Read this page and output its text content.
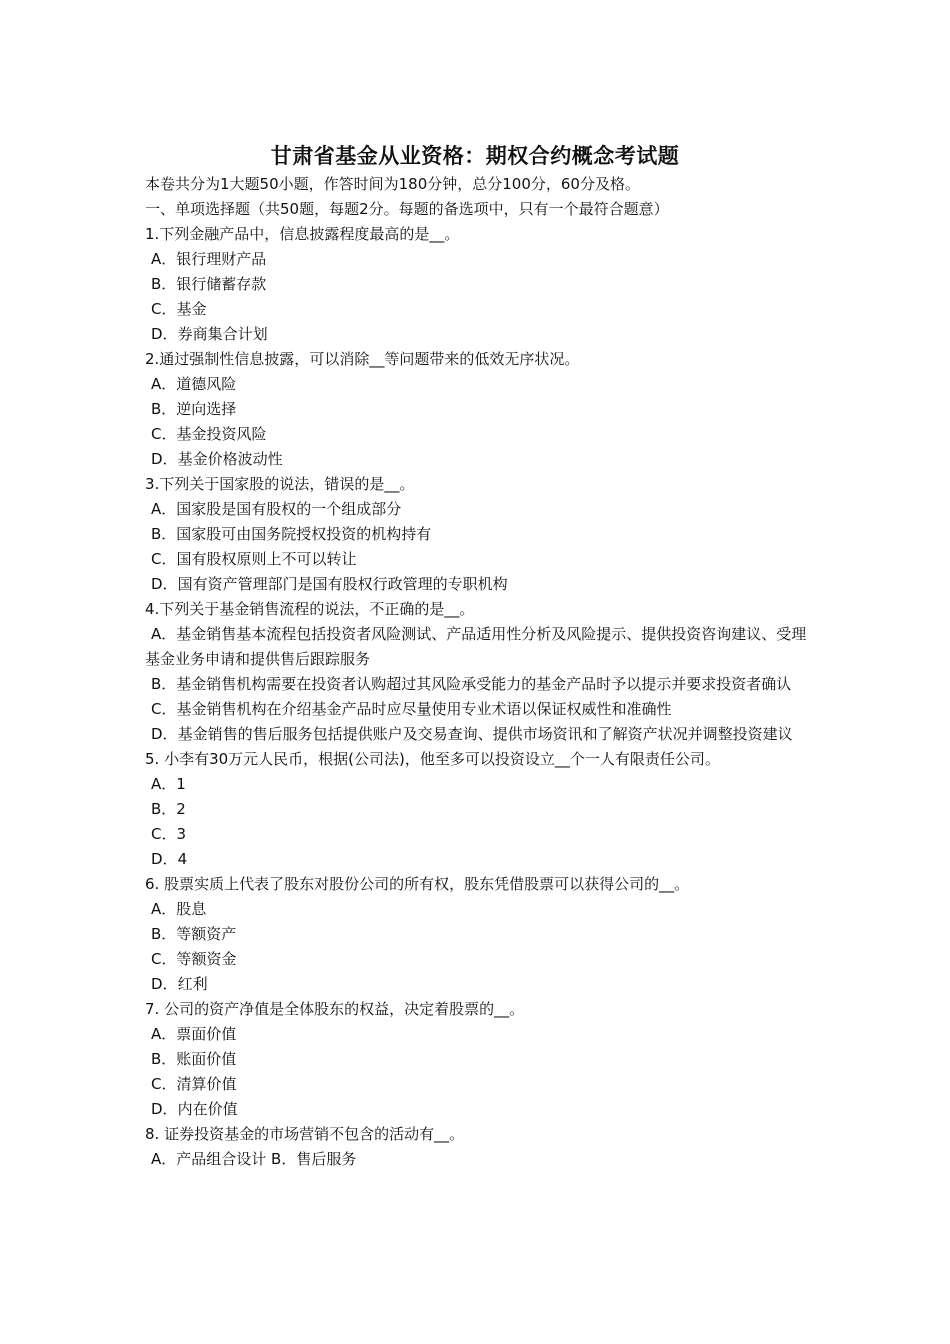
甘肃省基金从业资格：期权合约概念考试题
本卷共分为1大题50小题，作答时间为180分钟，总分100分，60分及格。
一、单项选择题（共50题，每题2分。每题的备选项中，只有一个最符合题意）
1.下列金融产品中，信息披露程度最高的是__。
A．银行理财产品
B．银行储蓄存款
C．基金
D．券商集合计划
2.通过强制性信息披露，可以消除__等问题带来的低效无序状况。
A．道德风险
B．逆向选择
C．基金投资风险
D．基金价格波动性
3.下列关于国家股的说法，错误的是__。
A．国家股是国有股权的一个组成部分
B．国家股可由国务院授权投资的机构持有
C．国有股权原则上不可以转让
D．国有资产管理部门是国有股权行政管理的专职机构
4.下列关于基金销售流程的说法，不正确的是__。
A．基金销售基本流程包括投资者风险测试、产品适用性分析及风险提示、提供投资咨询建议、受理基金业务申请和提供售后跟踪服务
B．基金销售机构需要在投资者认购超过其风险承受能力的基金产品时予以提示并要求投资者确认
C．基金销售机构在介绍基金产品时应尽量使用专业术语以保证权威性和准确性
D．基金销售的售后服务包括提供账户及交易查询、提供市场资讯和了解资产状况并调整投资建议
5. 小李有30万元人民币，根据(公司法)，他至多可以投资设立__个一人有限责任公司。
A．1
B．2
C．3
D．4
6. 股票实质上代表了股东对股份公司的所有权，股东凭借股票可以获得公司的__。
A．股息
B．等额资产
C．等额资金
D．红利
7. 公司的资产净值是全体股东的权益，决定着股票的__。
A．票面价值
B．账面价值
C．清算价值
D．内在价值
8. 证券投资基金的市场营销不包含的活动有__。
A．产品组合设计 B．售后服务
